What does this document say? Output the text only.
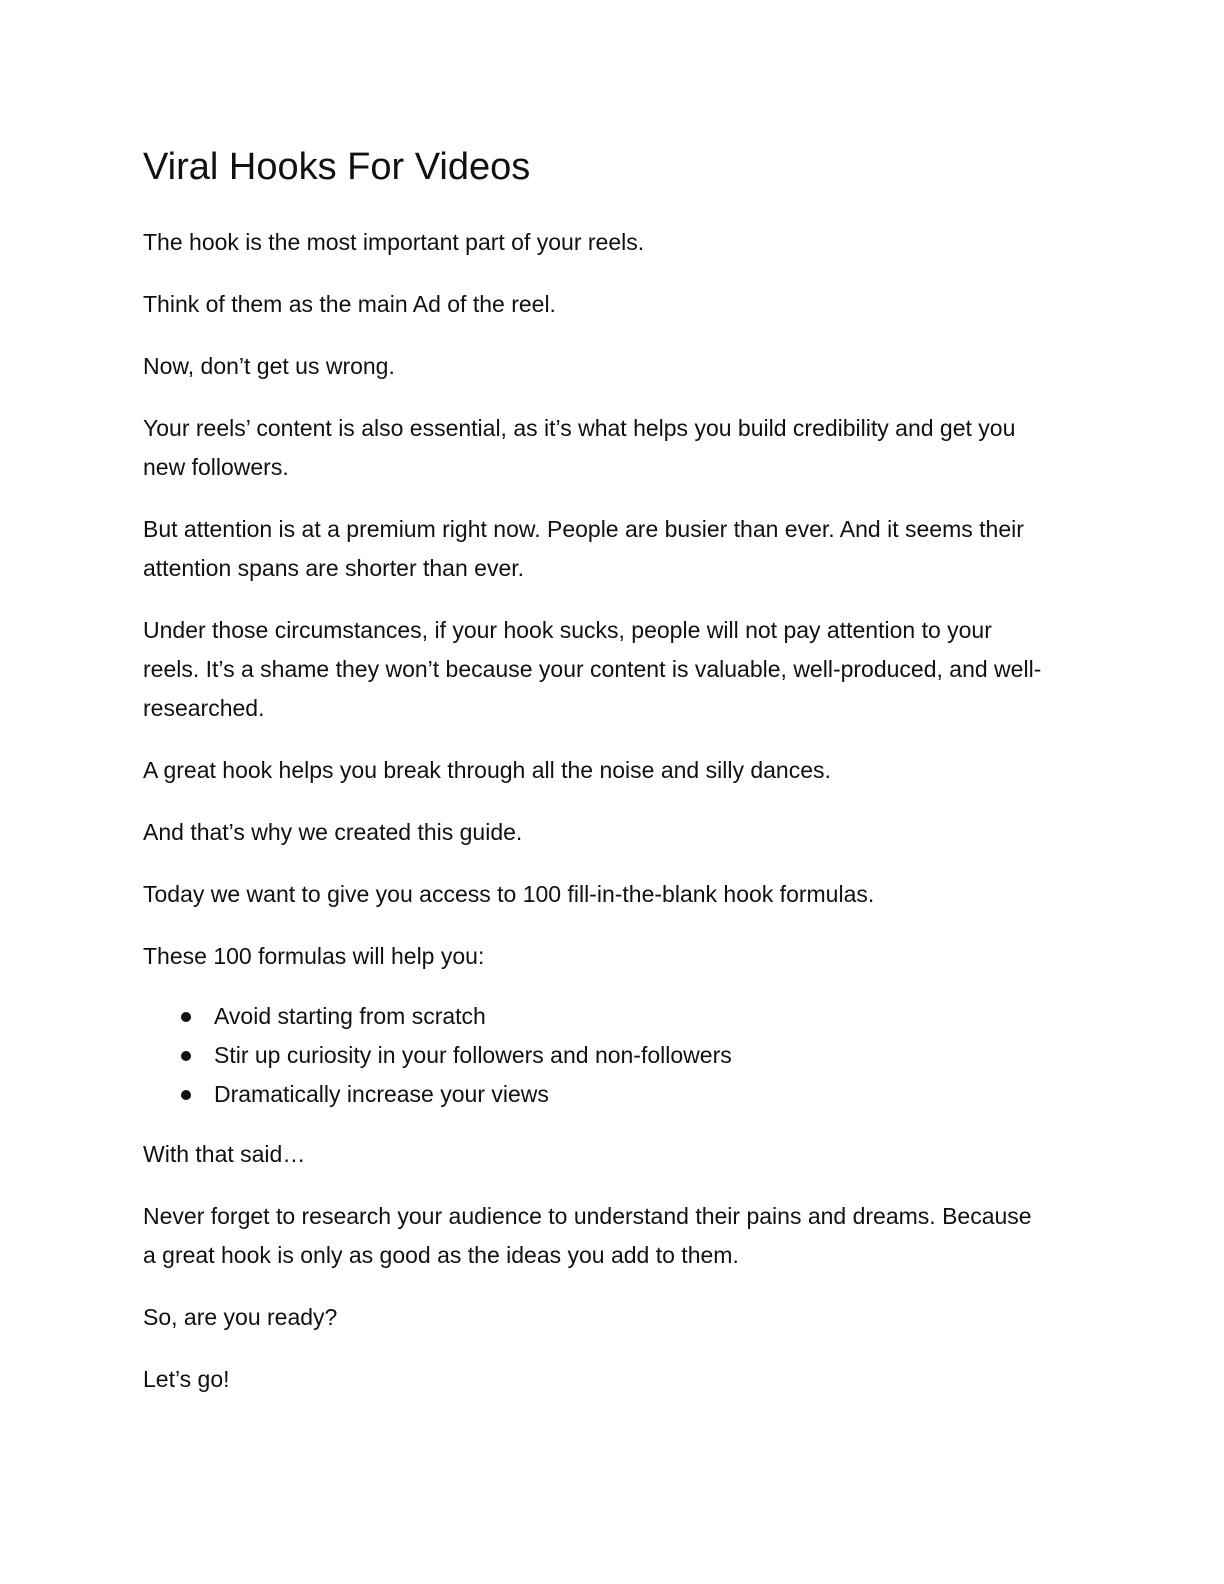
Viral Hooks For Videos

The hook is the most important part of your reels.

Think of them as the main Ad of the reel.

Now, don’t get us wrong.

Your reels’ content is also essential, as it’s what helps you build credibility and get you new followers.

But attention is at a premium right now. People are busier than ever. And it seems their attention spans are shorter than ever.

Under those circumstances, if your hook sucks, people will not pay attention to your reels. It’s a shame they won’t because your content is valuable, well-produced, and well-researched.

A great hook helps you break through all the noise and silly dances.

And that’s why we created this guide.

Today we want to give you access to 100 fill-in-the-blank hook formulas.

These 100 formulas will help you:

Avoid starting from scratch
Stir up curiosity in your followers and non-followers
Dramatically increase your views

With that said…

Never forget to research your audience to understand their pains and dreams. Because a great hook is only as good as the ideas you add to them.

So, are you ready?

Let’s go!
